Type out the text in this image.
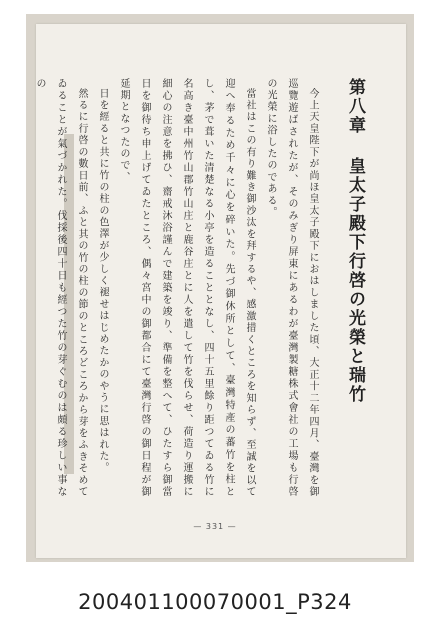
第八章 皇太子殿下行啓の光榮と瑞竹

今上天皇陛下が尚ほ皇太子殿下におはしました頃、大正十二年四月、臺灣を御巡覽遊ばされたが、そのみぎり屏東にあるわが臺灣製糖株式會社の工場も行啓の光榮に浴したのである。

當社はこの有り難き御沙汰を拜するや、感激措くところを知らず、至誠を以て迎へ奉るため千々に心を碎いた。先づ御休所として、臺灣特產の蕃竹を柱とし、茅で葺いた清楚なる小亭を造ることとなし、四十五里餘り距つてゐる竹に名高き臺中州竹山郡竹山庄と鹿谷庄とに人を遣して竹を伐らせ、荷造り運搬に細心の注意を拂ひ、齋戒沐浴謹んで建築を竣り、準備を整へて、ひたすら御當日を御待ち申上げてゐたところ、偶々宮中の御都合にて臺灣行啓の御日程が御延期となつたので、

日を經ると共に竹の柱の色澤が少しく褪せはじめたかのやうに思はれた。

然るに行啓の數日前、ふと其の竹の柱の節のところどころから芽をふきそめてゐることが氣づかれた。伐採後四十日も經つた竹の芽ぐむのは頗る珍しい事なの

— 331 —
200401100070001_P324
